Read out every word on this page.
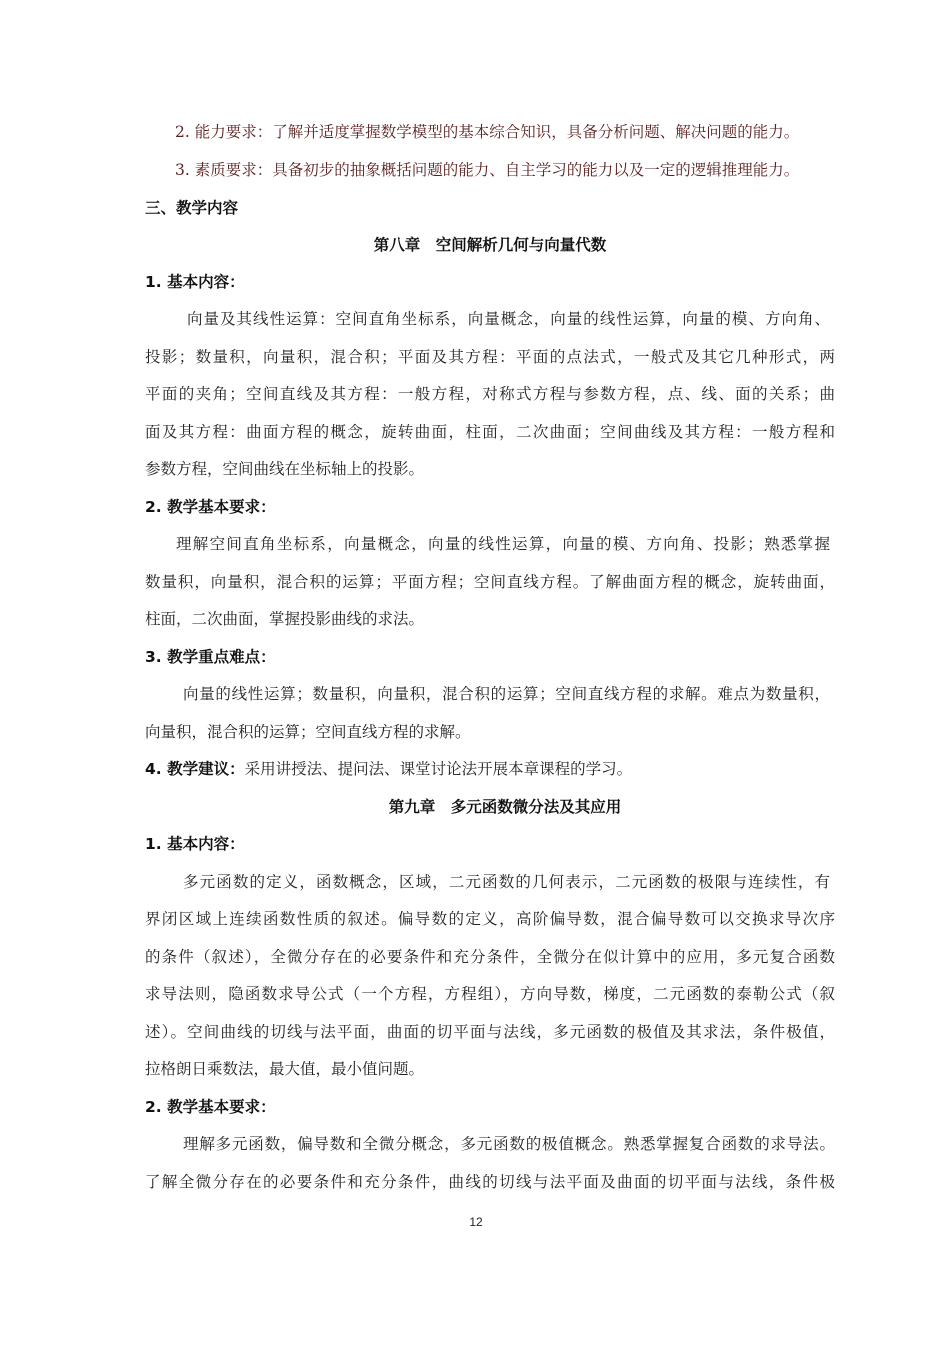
2. 能力要求：了解并适度掌握数学模型的基本综合知识，具备分析问题、解决问题的能力。
3. 素质要求：具备初步的抽象概括问题的能力、自主学习的能力以及一定的逻辑推理能力。
三、教学内容
第八章　空间解析几何与向量代数
1. 基本内容：
向量及其线性运算：空间直角坐标系，向量概念，向量的线性运算，向量的模、方向角、
投影；数量积，向量积，混合积；平面及其方程：平面的点法式，一般式及其它几种形式，两
平面的夹角；空间直线及其方程：一般方程，对称式方程与参数方程，点、线、面的关系；曲
面及其方程：曲面方程的概念，旋转曲面，柱面，二次曲面；空间曲线及其方程：一般方程和
参数方程，空间曲线在坐标轴上的投影。
2. 教学基本要求：
理解空间直角坐标系，向量概念，向量的线性运算，向量的模、方向角、投影；熟悉掌握
数量积，向量积，混合积的运算；平面方程；空间直线方程。了解曲面方程的概念，旋转曲面，
柱面，二次曲面，掌握投影曲线的求法。
3. 教学重点难点：
向量的线性运算；数量积，向量积，混合积的运算；空间直线方程的求解。难点为数量积，
向量积，混合积的运算；空间直线方程的求解。
4. 教学建议：采用讲授法、提问法、课堂讨论法开展本章课程的学习。
第九章　多元函数微分法及其应用
1. 基本内容：
多元函数的定义，函数概念，区域，二元函数的几何表示，二元函数的极限与连续性，有
界闭区域上连续函数性质的叙述。偏导数的定义，高阶偏导数，混合偏导数可以交换求导次序
的条件（叙述），全微分存在的必要条件和充分条件，全微分在似计算中的应用，多元复合函数
求导法则，隐函数求导公式（一个方程，方程组），方向导数，梯度，二元函数的泰勒公式（叙
述）。空间曲线的切线与法平面，曲面的切平面与法线，多元函数的极值及其求法，条件极值，
拉格朗日乘数法，最大值，最小值问题。
2. 教学基本要求：
理解多元函数，偏导数和全微分概念，多元函数的极值概念。熟悉掌握复合函数的求导法。
了解全微分存在的必要条件和充分条件，曲线的切线与法平面及曲面的切平面与法线，条件极
12
